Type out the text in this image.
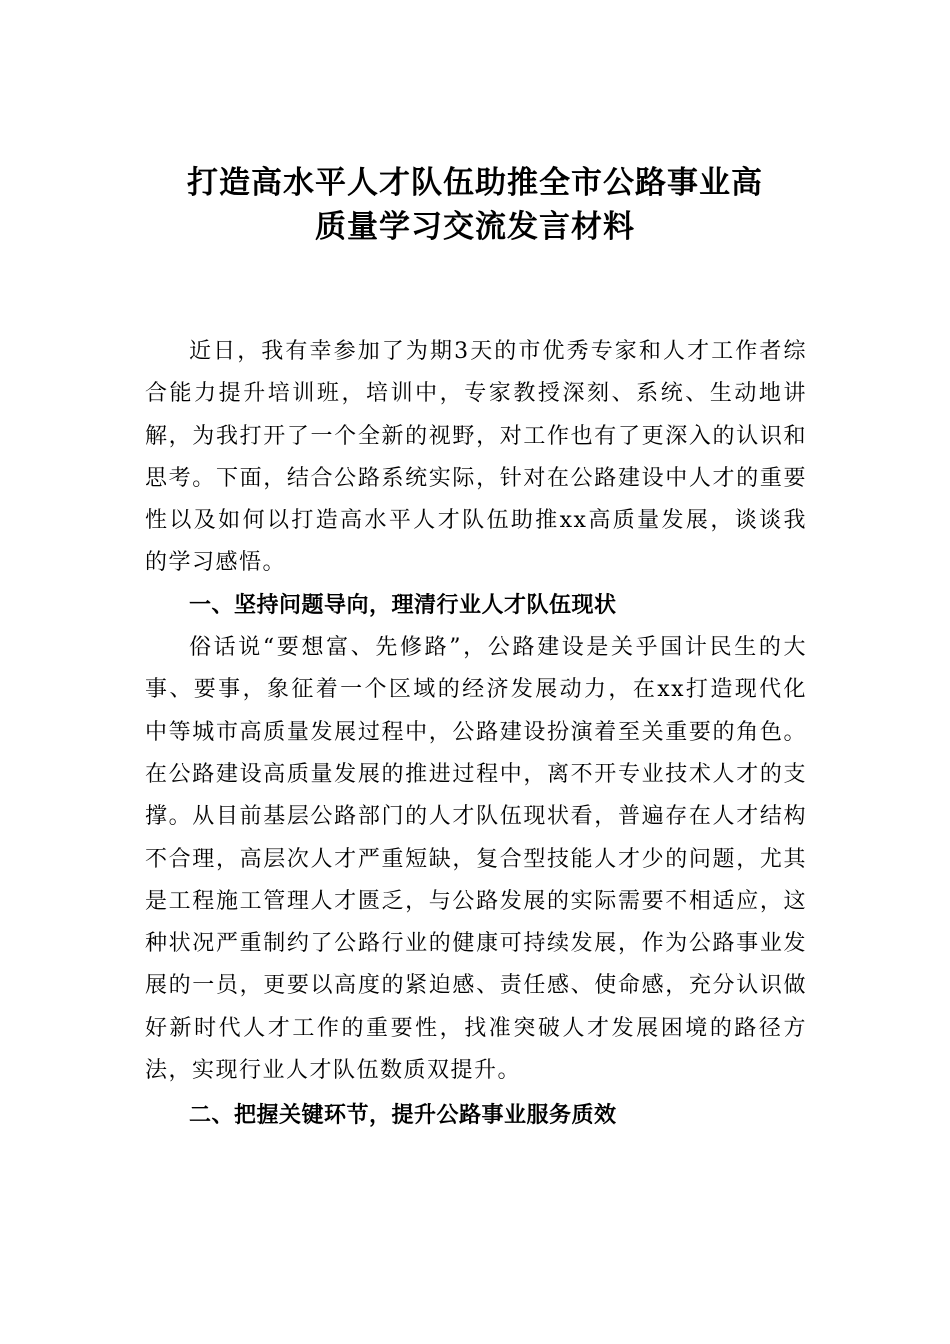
打造高水平人才队伍助推全市公路事业高
质量学习交流发言材料

近日，我有幸参加了为期3天的市优秀专家和人才工作者综合能力提升培训班，培训中，专家教授深刻、系统、生动地讲解，为我打开了一个全新的视野，对工作也有了更深入的认识和思考。下面，结合公路系统实际，针对在公路建设中人才的重要性以及如何以打造高水平人才队伍助推xx高质量发展，谈谈我的学习感悟。

一、坚持问题导向，理清行业人才队伍现状

俗话说“要想富、先修路”，公路建设是关乎国计民生的大事、要事，象征着一个区域的经济发展动力，在xx打造现代化中等城市高质量发展过程中，公路建设扮演着至关重要的角色。在公路建设高质量发展的推进过程中，离不开专业技术人才的支撑。从目前基层公路部门的人才队伍现状看，普遍存在人才结构不合理，高层次人才严重短缺，复合型技能人才少的问题，尤其是工程施工管理人才匮乏，与公路发展的实际需要不相适应，这种状况严重制约了公路行业的健康可持续发展，作为公路事业发展的一员，更要以高度的紧迫感、责任感、使命感，充分认识做好新时代人才工作的重要性，找准突破人才发展困境的路径方法，实现行业人才队伍数质双提升。

二、把握关键环节，提升公路事业服务质效
